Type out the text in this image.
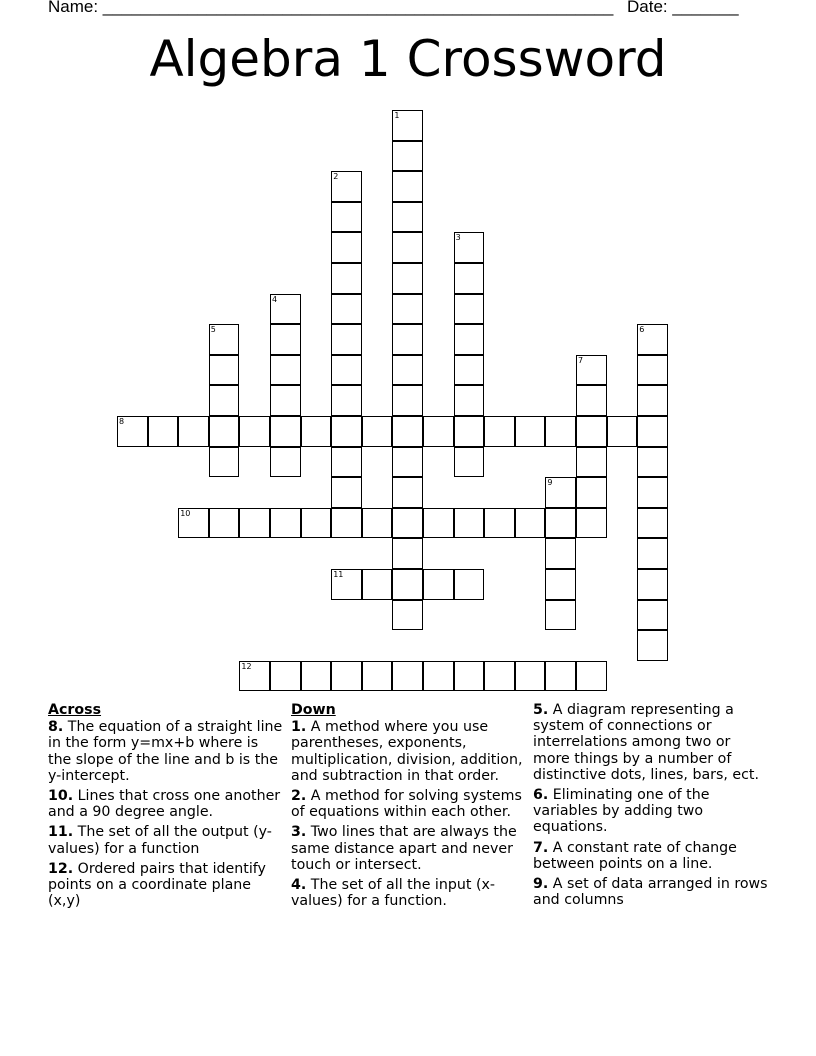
Name: ______________________________________________________ Date: _______
Algebra 1 Crossword
1
2
3
4
5	6
7
8
9
10
11
12
Across
8. The equation of a straight line in the form y=mx+b where is the slope of the line and b is the y-intercept.
10. Lines that cross one another and a 90 degree angle.
11. The set of all the output (y-values) for a function
12. Ordered pairs that identify points on a coordinate plane (x,y)
Down
1. A method where you use parentheses, exponents, multiplication, division, addition, and subtraction in that order.
2. A method for solving systems of equations within each other.
3. Two lines that are always the same distance apart and never touch or intersect.
4. The set of all the input (x-values) for a function.
5. A diagram representing a system of connections or interrelations among two or more things by a number of distinctive dots, lines, bars, ect.
6. Eliminating one of the variables by adding two equations.
7. A constant rate of change between points on a line.
9. A set of data arranged in rows and columns
